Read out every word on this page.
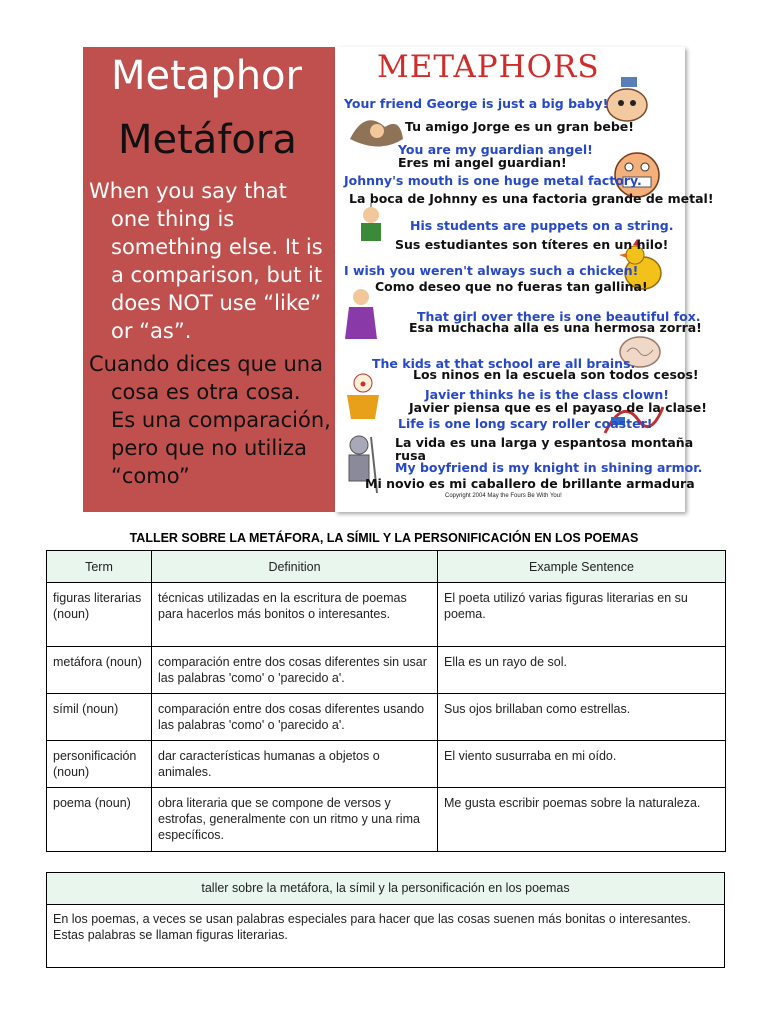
Metaphor
Metáfora
When you say that one thing is something else. It is a comparison, but it does NOT use “like” or “as”.
Cuando dices que una cosa es otra cosa. Es una comparación, pero que no utiliza “como”
METAPHORS
Your friend George is just a big baby!
Tu amigo Jorge es un gran bebe!
You are my guardian angel!
Eres mi angel guardian!
Johnny's mouth is one huge metal factory.
La boca de Johnny es una factoria grande de metal!
His students are puppets on a string.
Sus estudiantes son títeres en un hilo!
I wish you weren't always such a chicken!
Como deseo que no fueras tan gallina!
That girl over there is one beautiful fox.
Esa muchacha alla es una hermosa zorra!
The kids at that school are all brains.
Los ninos en la escuela son todos cesos!
Javier thinks he is the class clown!
Javier piensa que es el payaso de la clase!
Life is one long scary roller coaster!
La vida es una larga y espantosa montaña
rusa
My boyfriend is my knight in shining armor.
Mi novio es mi caballero de brillante armadura
Copyright 2004 May the Fours Be With You!
TALLER SOBRE LA METÁFORA, LA SÍMIL Y LA PERSONIFICACIÓN EN LOS POEMAS
Term	Definition	Example Sentence
figuras literarias (noun)	técnicas utilizadas en la escritura de poemas para hacerlos más bonitos o interesantes.	El poeta utilizó varias figuras literarias en su poema.
metáfora (noun)	comparación entre dos cosas diferentes sin usar las palabras 'como' o 'parecido a'.	Ella es un rayo de sol.
símil (noun)	comparación entre dos cosas diferentes usando las palabras 'como' o 'parecido a'.	Sus ojos brillaban como estrellas.
personificación (noun)	dar características humanas a objetos o animales.	El viento susurraba en mi oído.
poema (noun)	obra literaria que se compone de versos y estrofas, generalmente con un ritmo y una rima específicos.	Me gusta escribir poemas sobre la naturaleza.
taller sobre la metáfora, la símil y la personificación en los poemas
En los poemas, a veces se usan palabras especiales para hacer que las cosas suenen más bonitas o interesantes. Estas palabras se llaman figuras literarias.
